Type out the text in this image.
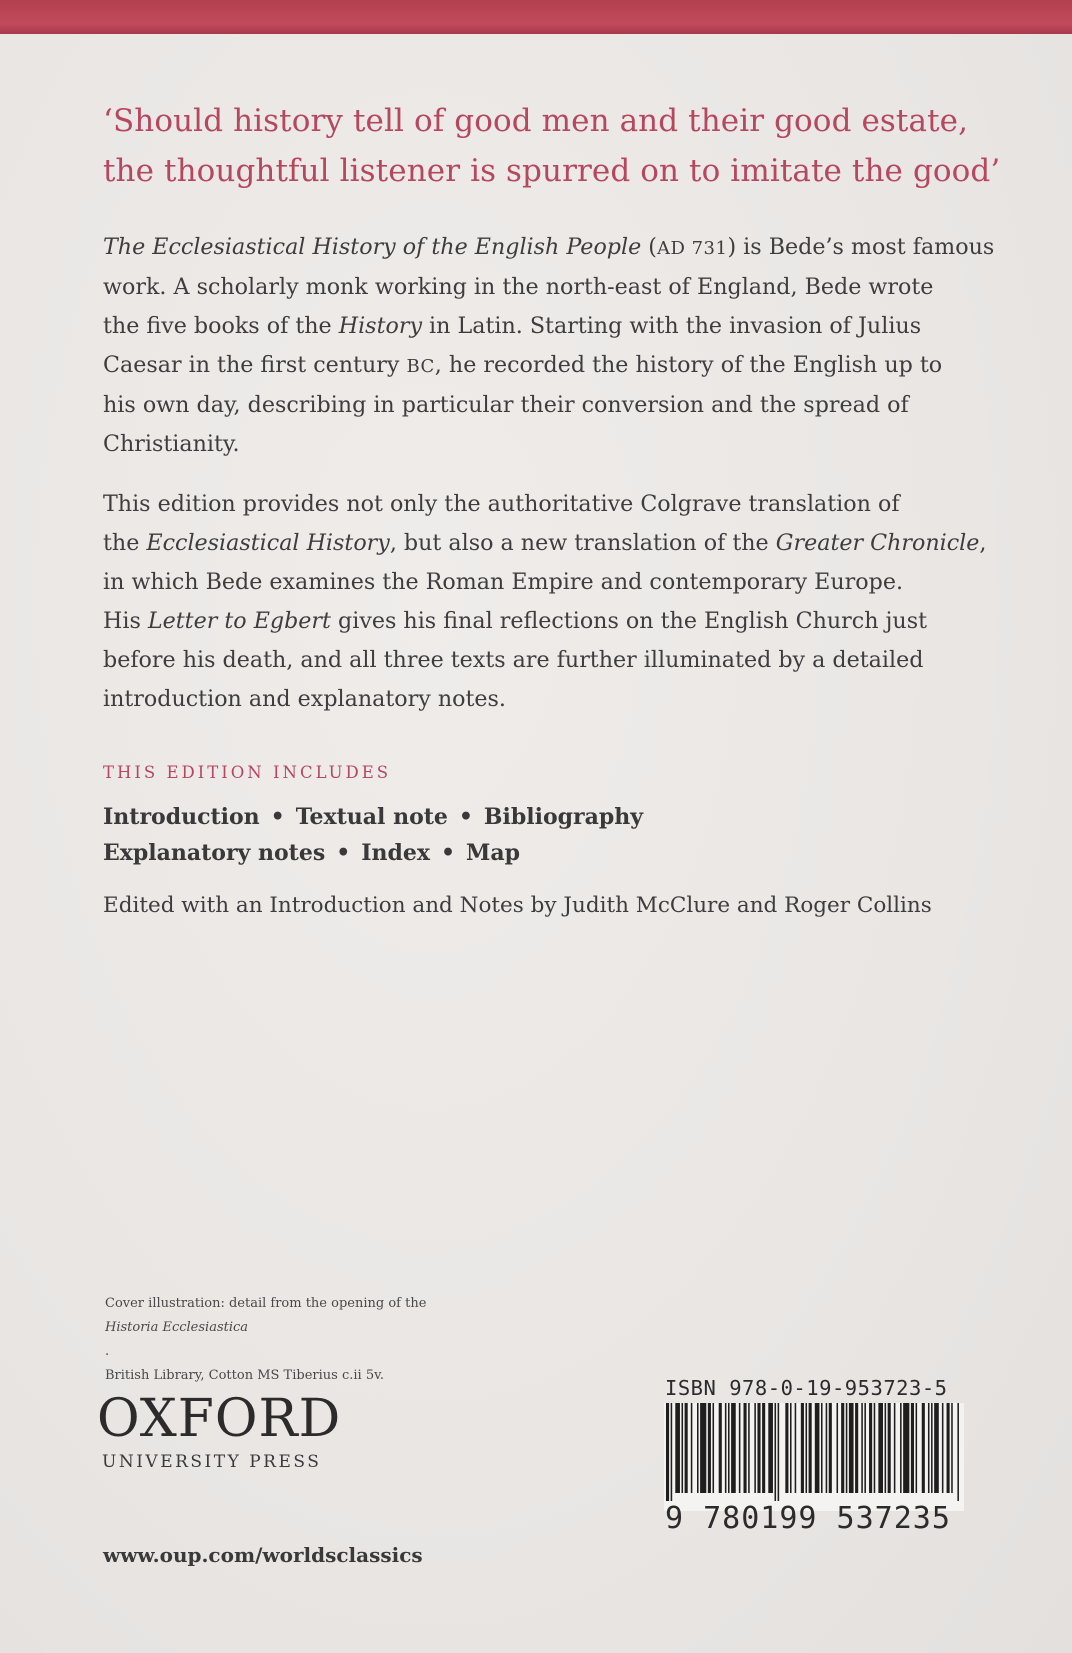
‘Should history tell of good men and their good estate,
the thoughtful listener is spurred on to imitate the good’

The Ecclesiastical History of the English People (AD 731) is Bede’s most famous
work. A scholarly monk working in the north-east of England, Bede wrote
the five books of the History in Latin. Starting with the invasion of Julius
Caesar in the first century BC, he recorded the history of the English up to
his own day, describing in particular their conversion and the spread of
Christianity.

This edition provides not only the authoritative Colgrave translation of
the Ecclesiastical History, but also a new translation of the Greater Chronicle,
in which Bede examines the Roman Empire and contemporary Europe.
His Letter to Egbert gives his final reflections on the English Church just
before his death, and all three texts are further illuminated by a detailed
introduction and explanatory notes.

THIS EDITION INCLUDES
Introduction • Textual note • Bibliography
Explanatory notes • Index • Map

Edited with an Introduction and Notes by Judith McClure and Roger Collins

Cover illustration: detail from the opening of the
Historia Ecclesiastica
.
British Library, Cotton MS Tiberius c.ii 5v.

OXFORD
UNIVERSITY PRESS
www.oup.com/worldsclassics
ISBN 978-0-19-953723-5
9 780199 537235
